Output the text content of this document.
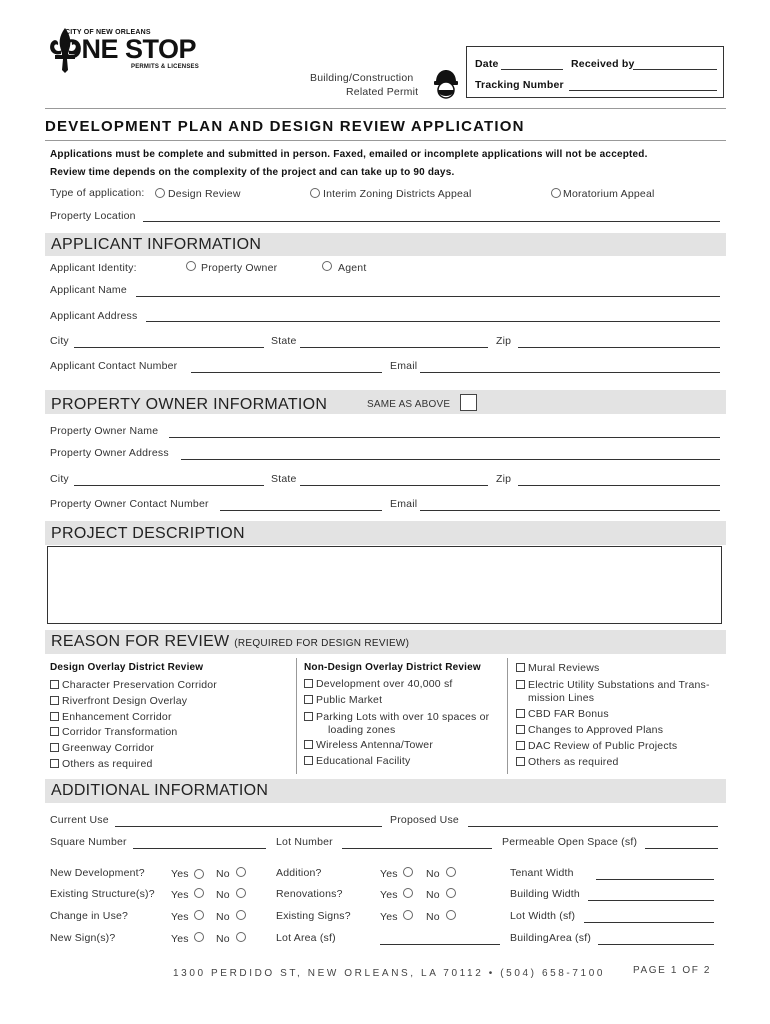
CITY OF NEW ORLEANS
ONE STOP
PERMITS & LICENSES
Building/Construction
Related Permit
Date	Received by
Tracking Number
DEVELOPMENT PLAN AND DESIGN REVIEW APPLICATION
Applications must be complete and submitted in person. Faxed, emailed or incomplete applications will not be accepted.
Review time depends on the complexity of the project and can take up to 90 days.
Type of application: Design Review	Interim Zoning Districts Appeal	Moratorium Appeal
Property Location
APPLICANT INFORMATION
Applicant Identity:	Property Owner	Agent
Applicant Name
Applicant Address
City	State	Zip
Applicant Contact Number	Email
PROPERTY OWNER INFORMATION	SAME AS ABOVE
Property Owner Name
Property Owner Address
City	State	Zip
Property Owner Contact Number	Email
PROJECT DESCRIPTION
REASON FOR REVIEW (REQUIRED FOR DESIGN REVIEW)
Design Overlay District Review
Character Preservation Corridor
Riverfront Design Overlay
Enhancement Corridor
Corridor Transformation
Greenway Corridor
Others as required
Non-Design Overlay District Review
Development over 40,000 sf
Public Market
Parking Lots with over 10 spaces or
loading zones
Wireless Antenna/Tower
Educational Facility
Mural Reviews
Electric Utility Substations and Trans-
mission Lines
CBD FAR Bonus
Changes to Approved Plans
DAC Review of Public Projects
Others as required
ADDITIONAL INFORMATION
Current Use	Proposed Use
Square Number	Lot Number	Permeable Open Space (sf)
New Development? Yes	No	Addition?	Yes	No	Tenant Width
Existing Structure(s)? Yes	No	Renovations?	Yes	No	Building Width
Change in Use?	Yes	No	Existing Signs?	Yes	No	Lot Width (sf)
New Sign(s)?	Yes	No	Lot Area (sf)	BuildingArea (sf)
1300 PERDIDO ST, NEW ORLEANS, LA 70112 • (504) 658-7100	PAGE 1 OF 2
